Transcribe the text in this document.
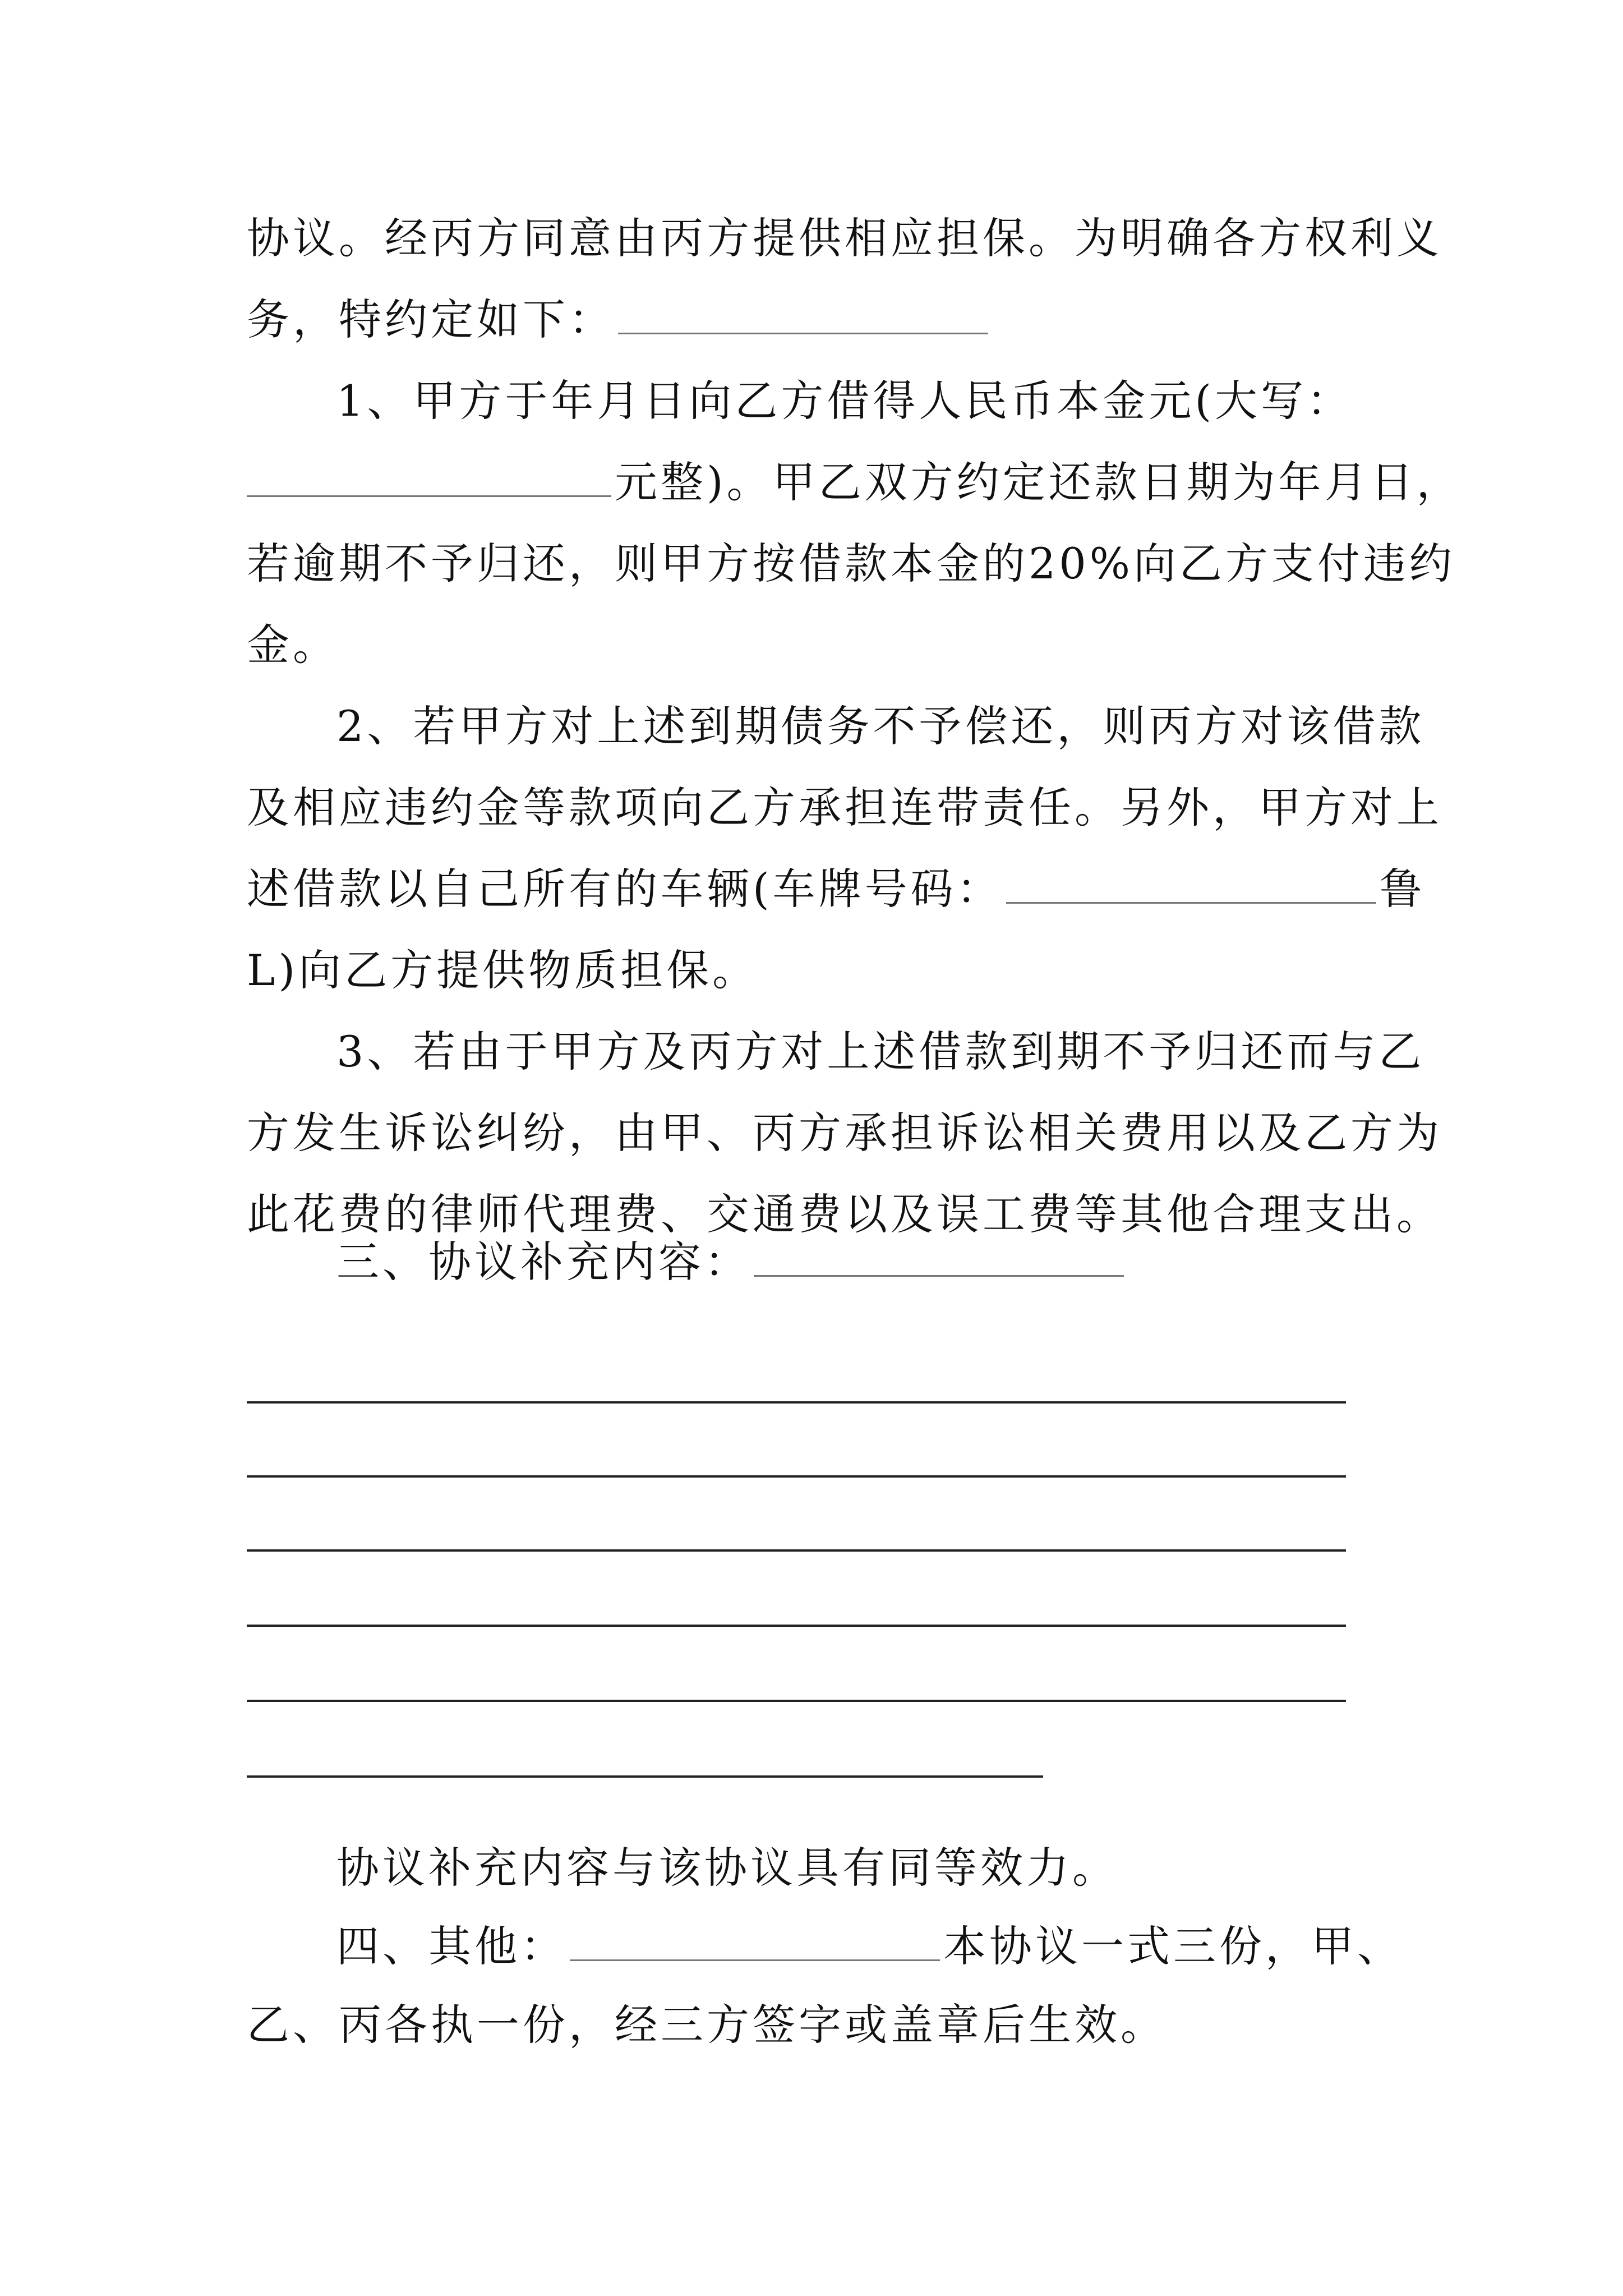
协议。经丙方同意由丙方提供相应担保。为明确各方权利义
务，特约定如下：
1、甲方于年月日向乙方借得人民币本金元(大写：
元整)。甲乙双方约定还款日期为年月日，
若逾期不予归还，则甲方按借款本金的20%向乙方支付违约
金。
2、若甲方对上述到期债务不予偿还，则丙方对该借款
及相应违约金等款项向乙方承担连带责任。另外，甲方对上
述借款以自己所有的车辆(车牌号码：	鲁
L)向乙方提供物质担保。
3、若由于甲方及丙方对上述借款到期不予归还而与乙
方发生诉讼纠纷，由甲、丙方承担诉讼相关费用以及乙方为
此花费的律师代理费、交通费以及误工费等其他合理支出。
三、协议补充内容：
协议补充内容与该协议具有同等效力。
四、其他：	本协议一式三份，甲、
乙、丙各执一份，经三方签字或盖章后生效。
